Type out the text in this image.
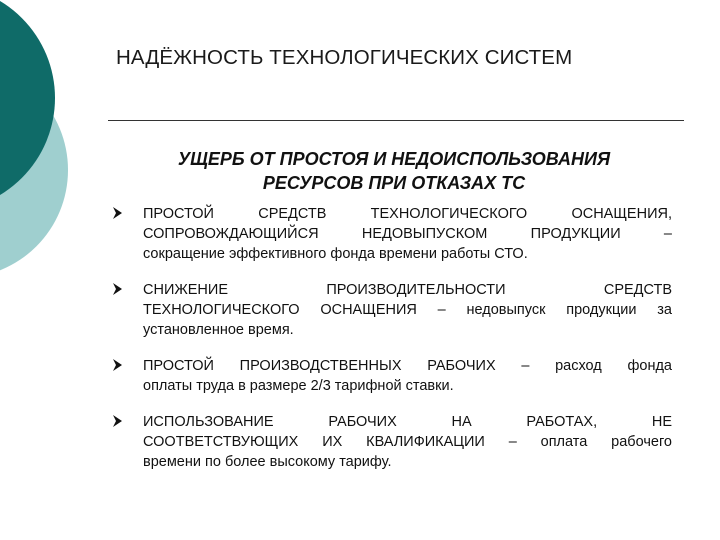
НАДЁЖНОСТЬ ТЕХНОЛОГИЧЕСКИХ СИСТЕМ
УЩЕРБ ОТ ПРОСТОЯ И НЕДОИСПОЛЬЗОВАНИЯ
РЕСУРСОВ ПРИ ОТКАЗАХ ТС
ПРОСТОЙ СРЕДСТВ ТЕХНОЛОГИЧЕСКОГО ОСНАЩЕНИЯ,
СОПРОВОЖДАЮЩИЙСЯ НЕДОВЫПУСКОМ ПРОДУКЦИИ –
сокращение эффективного фонда времени работы СТО.
СНИЖЕНИЕ ПРОИЗВОДИТЕЛЬНОСТИ СРЕДСТВ
ТЕХНОЛОГИЧЕСКОГО ОСНАЩЕНИЯ – недовыпуск продукции за
установленное время.
ПРОСТОЙ ПРОИЗВОДСТВЕННЫХ РАБОЧИХ – расход фонда
оплаты труда в размере 2/3 тарифной ставки.
ИСПОЛЬЗОВАНИЕ РАБОЧИХ НА РАБОТАХ, НЕ
СООТВЕТСТВУЮЩИХ ИХ КВАЛИФИКАЦИИ – оплата рабочего
времени по более высокому тарифу.
